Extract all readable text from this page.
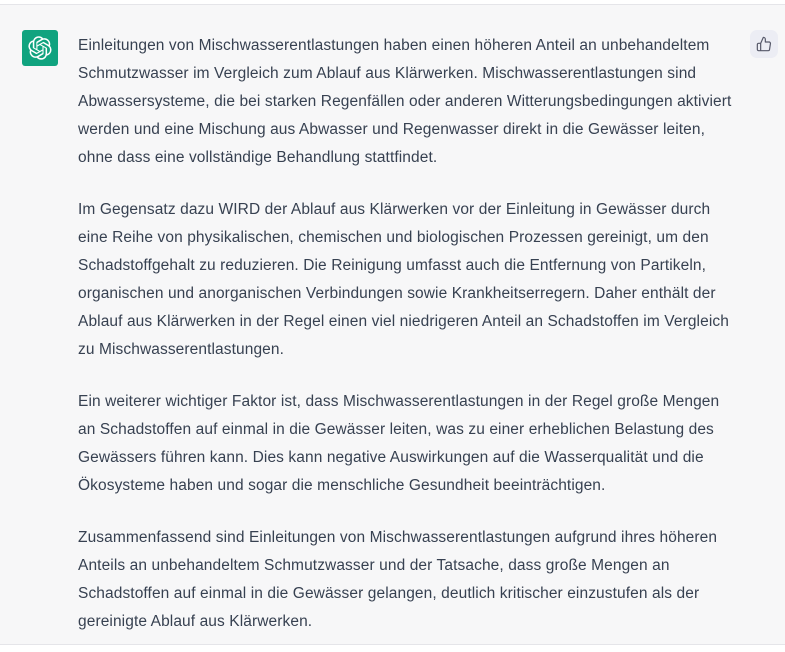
Einleitungen von Mischwasserentlastungen haben einen höheren Anteil an unbehandeltem Schmutzwasser im Vergleich zum Ablauf aus Klärwerken. Mischwasserentlastungen sind Abwassersysteme, die bei starken Regenfällen oder anderen Witterungsbedingungen aktiviert werden und eine Mischung aus Abwasser und Regenwasser direkt in die Gewässer leiten, ohne dass eine vollständige Behandlung stattfindet.

Im Gegensatz dazu WIRD der Ablauf aus Klärwerken vor der Einleitung in Gewässer durch eine Reihe von physikalischen, chemischen und biologischen Prozessen gereinigt, um den Schadstoffgehalt zu reduzieren. Die Reinigung umfasst auch die Entfernung von Partikeln, organischen und anorganischen Verbindungen sowie Krankheitserregern. Daher enthält der Ablauf aus Klärwerken in der Regel einen viel niedrigeren Anteil an Schadstoffen im Vergleich zu Mischwasserentlastungen.

Ein weiterer wichtiger Faktor ist, dass Mischwasserentlastungen in der Regel große Mengen an Schadstoffen auf einmal in die Gewässer leiten, was zu einer erheblichen Belastung des Gewässers führen kann. Dies kann negative Auswirkungen auf die Wasserqualität und die Ökosysteme haben und sogar die menschliche Gesundheit beeinträchtigen.

Zusammenfassend sind Einleitungen von Mischwasserentlastungen aufgrund ihres höheren Anteils an unbehandeltem Schmutzwasser und der Tatsache, dass große Mengen an Schadstoffen auf einmal in die Gewässer gelangen, deutlich kritischer einzustufen als der gereinigte Ablauf aus Klärwerken.
